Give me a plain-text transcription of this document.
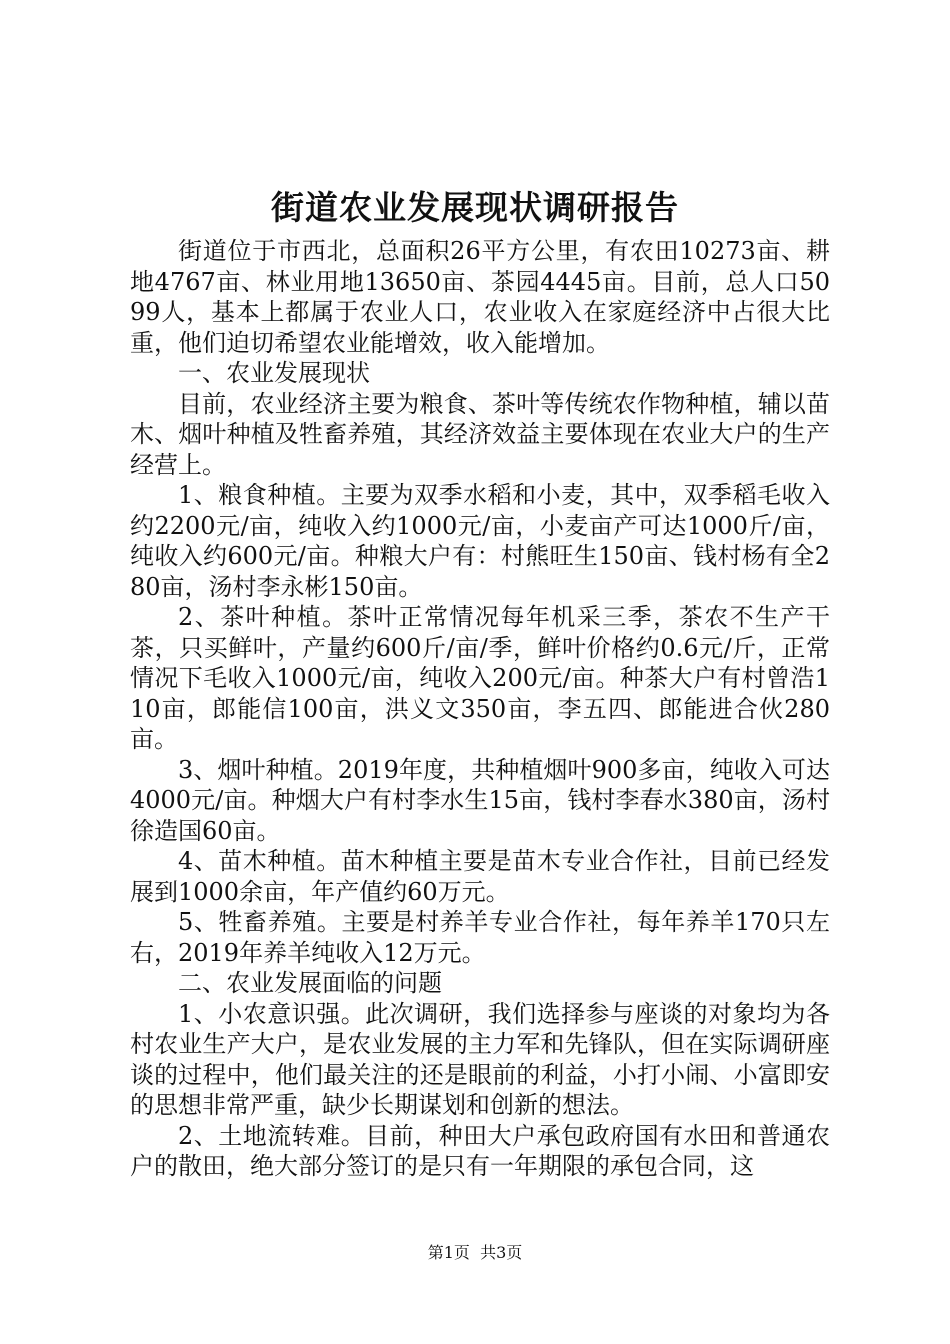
街道农业发展现状调研报告

街道位于市西北，总面积26平方公里，有农田10273亩、耕地4767亩、林业用地13650亩、茶园4445亩。目前，总人口5099人，基本上都属于农业人口，农业收入在家庭经济中占很大比重，他们迫切希望农业能增效，收入能增加。

一、农业发展现状

目前，农业经济主要为粮食、茶叶等传统农作物种植，辅以苗木、烟叶种植及牲畜养殖，其经济效益主要体现在农业大户的生产经营上。

1、粮食种植。主要为双季水稻和小麦，其中，双季稻毛收入约2200元/亩，纯收入约1000元/亩，小麦亩产可达1000斤/亩，纯收入约600元/亩。种粮大户有：村熊旺生150亩、钱村杨有全280亩，汤村李永彬150亩。

2、茶叶种植。茶叶正常情况每年机采三季，茶农不生产干茶，只买鲜叶，产量约600斤/亩/季，鲜叶价格约0.6元/斤，正常情况下毛收入1000元/亩，纯收入200元/亩。种茶大户有村曾浩110亩，郎能信100亩，洪义文350亩，李五四、郎能进合伙280亩。

3、烟叶种植。2019年度，共种植烟叶900多亩，纯收入可达4000元/亩。种烟大户有村李水生15亩，钱村李春水380亩，汤村徐造国60亩。

4、苗木种植。苗木种植主要是苗木专业合作社，目前已经发展到1000余亩，年产值约60万元。

5、牲畜养殖。主要是村养羊专业合作社，每年养羊170只左右，2019年养羊纯收入12万元。

二、农业发展面临的问题

1、小农意识强。此次调研，我们选择参与座谈的对象均为各村农业生产大户，是农业发展的主力军和先锋队，但在实际调研座谈的过程中，他们最关注的还是眼前的利益，小打小闹、小富即安的思想非常严重，缺少长期谋划和创新的想法。

2、土地流转难。目前，种田大户承包政府国有水田和普通农户的散田，绝大部分签订的是只有一年期限的承包合同，这

第1页  共3页
